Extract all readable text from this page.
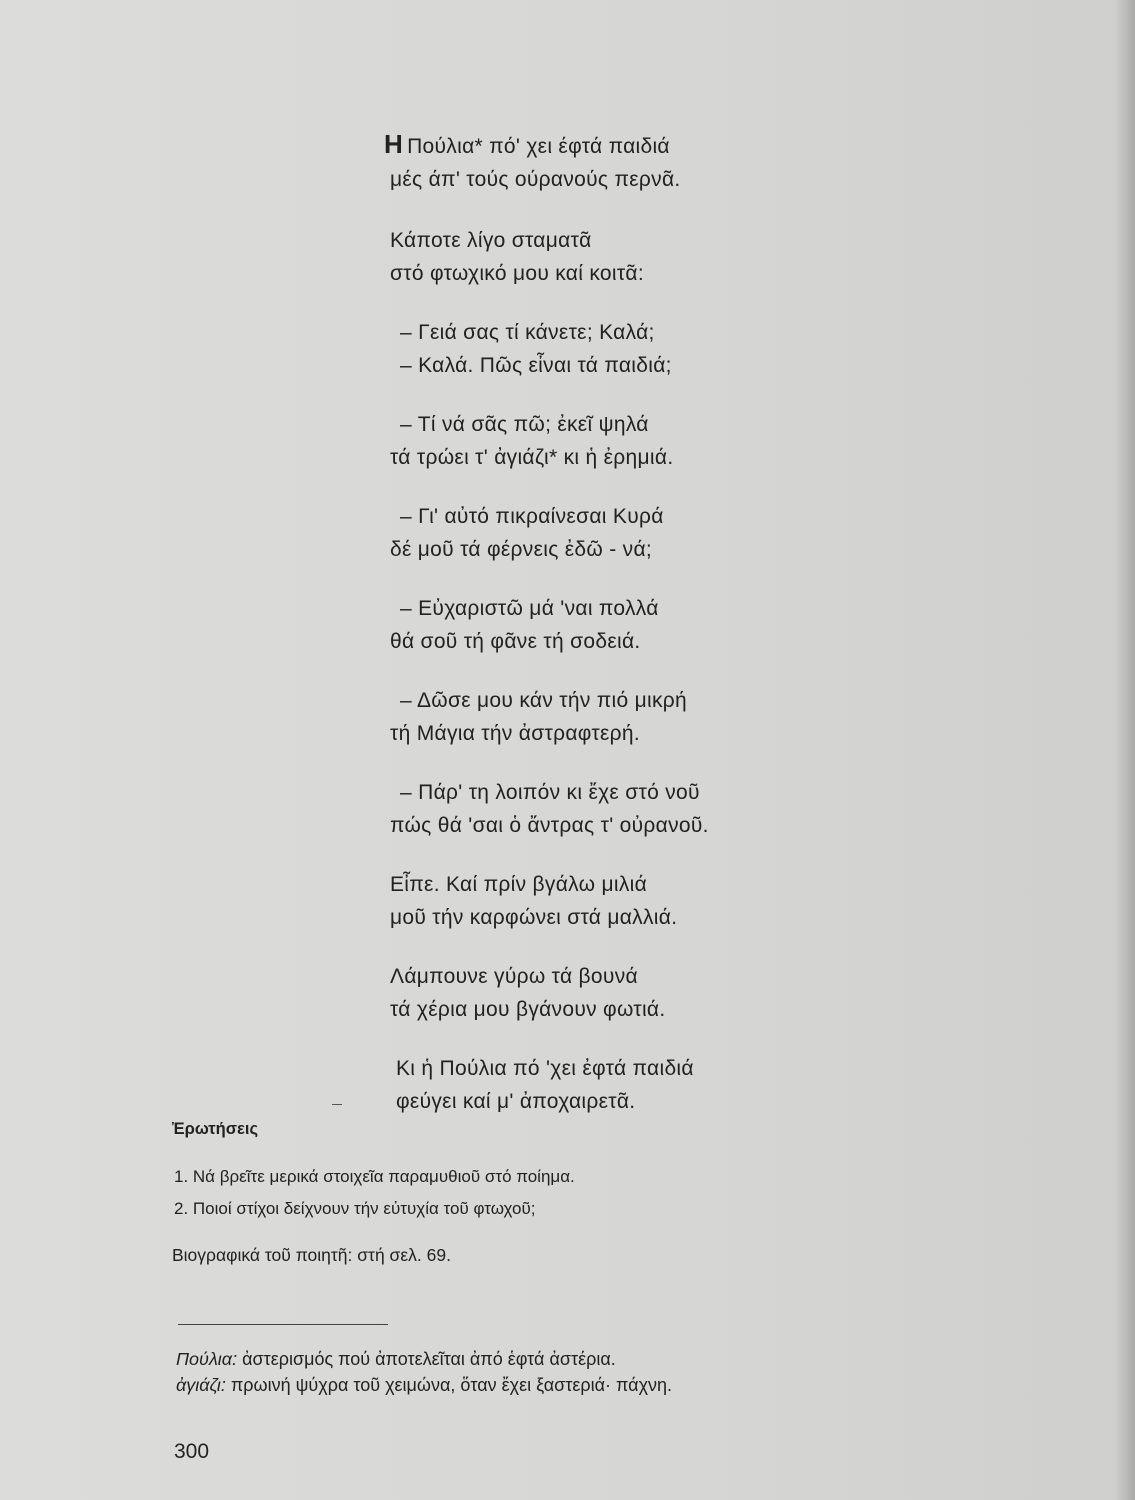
Η Πούλια* πό' χει έφτά παιδιά
μές άπ' τούς ούρανούς περνᾶ.
Κάποτε λίγο σταματᾶ
στό φτωχικό μου καί κοιτᾶ:
– Γειά σας τί κάνετε; Καλά;
– Καλά. Πῶς εἶναι τά παιδιά;
– Τί νά σᾶς πῶ; ἐκεῖ ψηλά
τά τρώει τ' ἀγιάζι* κι ἡ ἐρημιά.
– Γι' αὐτό πικραίνεσαι Κυρά
δέ μοῦ τά φέρνεις ἐδῶ - νά;
– Εὐχαριστῶ μά 'ναι πολλά
θά σοῦ τή φᾶνε τή σοδειά.
– Δῶσε μου κάν τήν πιό μικρή
τή Μάγια τήν ἀστραφτερή.
– Πάρ' τη λοιπόν κι ἔχε στό νοῦ
πώς θά 'σαι ὁ ἄντρας τ' οὐρανοῦ.
Εἶπε. Καί πρίν βγάλω μιλιά
μοῦ τήν καρφώνει στά μαλλιά.
Λάμπουνε γύρω τά βουνά
τά χέρια μου βγάνουν φωτιά.
Κι ἡ Πούλια πό 'χει ἐφτά παιδιά
φεύγει καί μ' ἀποχαιρετᾶ.
Ἐρωτήσεις
1. Νά βρεῖτε μερικά στοιχεῖα παραμυθιοῦ στό ποίημα.
2. Ποιοί στίχοι δείχνουν τήν εὐτυχία τοῦ φτωχοῦ;
Βιογραφικά τοῦ ποιητῆ: στή σελ. 69.
Πούλια: ἀστερισμός πού ἀποτελεῖται ἀπό ἑφτά ἀστέρια.
ἀγιάζι: πρωινή ψύχρα τοῦ χειμώνα, ὅταν ἔχει ξαστεριά· πάχνη.
300
